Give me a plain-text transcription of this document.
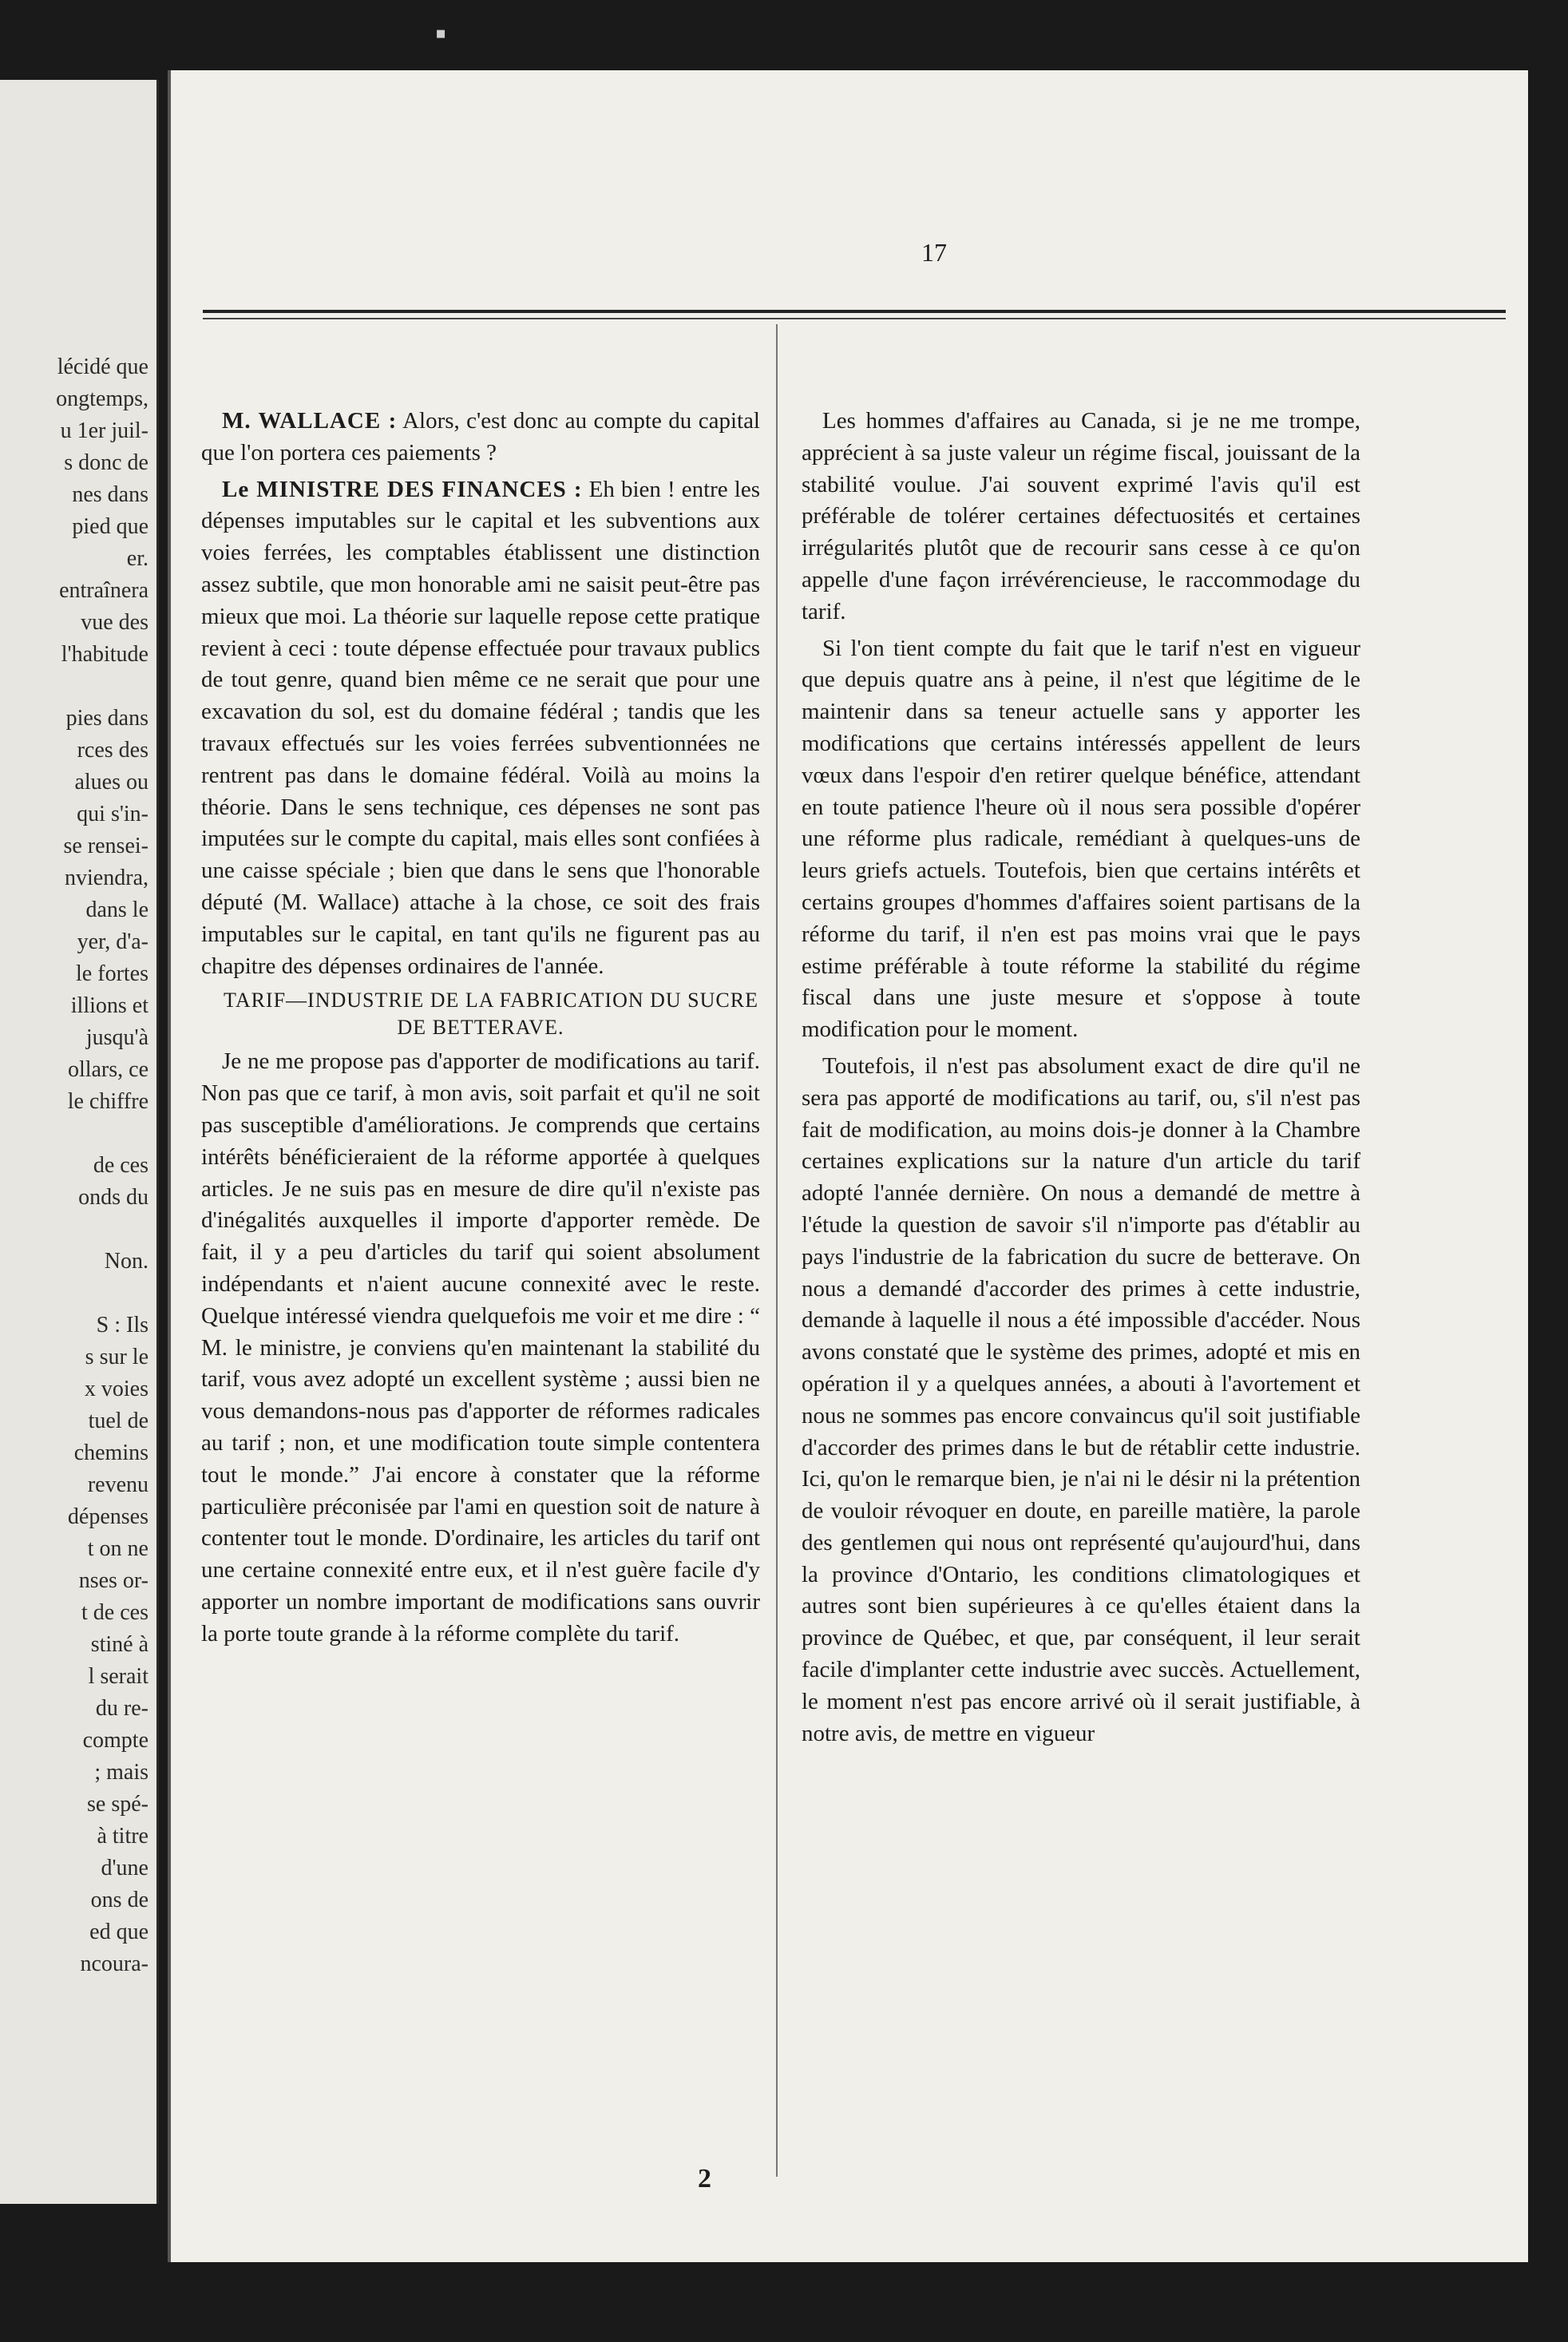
lécidé que
ongtemps,
u 1er juil-
s donc de
nes dans
pied que
er.
entraînera
vue des
l'habitude
pies dans
rces des
alues ou
qui s'in-
se rensei-
nviendra,
dans le
yer, d'a-
le fortes
illions et
jusqu'à
ollars, ce
le chiffre
de ces
onds du
Non.
S : Ils
s sur le
x voies
tuel de
chemins
revenu
dépenses
t on ne
nses or-
t de ces
stiné à
l serait
du re-
compte
; mais
se spé-
à titre
d'une
ons de
ed que
ncoura-
▪
17

M. WALLACE : Alors, c'est donc au compte du capital que l'on portera ces paiements ?

Le MINISTRE DES FINANCES : Eh bien ! entre les dépenses imputables sur le capital et les subventions aux voies ferrées, les comptables établissent une distinction assez subtile, que mon honorable ami ne saisit peut-être pas mieux que moi. La théorie sur laquelle repose cette pratique revient à ceci : toute dépense effectuée pour travaux publics de tout genre, quand bien même ce ne serait que pour une excavation du sol, est du domaine fédéral ; tandis que les travaux effectués sur les voies ferrées subventionnées ne rentrent pas dans le domaine fédéral. Voilà au moins la théorie. Dans le sens technique, ces dépenses ne sont pas imputées sur le compte du capital, mais elles sont confiées à une caisse spéciale ; bien que dans le sens que l'honorable député (M. Wallace) attache à la chose, ce soit des frais imputables sur le capital, en tant qu'ils ne figurent pas au chapitre des dépenses ordinaires de l'année.

TARIF—INDUSTRIE DE LA FABRICATION DU SUCRE DE BETTERAVE.

Je ne me propose pas d'apporter de modifications au tarif. Non pas que ce tarif, à mon avis, soit parfait et qu'il ne soit pas susceptible d'améliorations. Je comprends que certains intérêts bénéficieraient de la réforme apportée à quelques articles. Je ne suis pas en mesure de dire qu'il n'existe pas d'inégalités auxquelles il importe d'apporter remède. De fait, il y a peu d'articles du tarif qui soient absolument indépendants et n'aient aucune connexité avec le reste. Quelque intéressé viendra quelquefois me voir et me dire : “ M. le ministre, je conviens qu'en maintenant la stabilité du tarif, vous avez adopté un excellent système ; aussi bien ne vous demandons-nous pas d'apporter de réformes radicales au tarif ; non, et une modification toute simple contentera tout le monde.” J'ai encore à constater que la réforme particulière préconisée par l'ami en question soit de nature à contenter tout le monde. D'ordinaire, les articles du tarif ont une certaine connexité entre eux, et il n'est guère facile d'y apporter un nombre important de modifications sans ouvrir la porte toute grande à la réforme complète du tarif.

Les hommes d'affaires au Canada, si je ne me trompe, apprécient à sa juste valeur un régime fiscal, jouissant de la stabilité voulue. J'ai souvent exprimé l'avis qu'il est préférable de tolérer certaines défectuosités et certaines irrégularités plutôt que de recourir sans cesse à ce qu'on appelle d'une façon irrévérencieuse, le raccommodage du tarif.

Si l'on tient compte du fait que le tarif n'est en vigueur que depuis quatre ans à peine, il n'est que légitime de le maintenir dans sa teneur actuelle sans y apporter les modifications que certains intéressés appellent de leurs vœux dans l'espoir d'en retirer quelque bénéfice, attendant en toute patience l'heure où il nous sera possible d'opérer une réforme plus radicale, remédiant à quelques-uns de leurs griefs actuels. Toutefois, bien que certains intérêts et certains groupes d'hommes d'affaires soient partisans de la réforme du tarif, il n'en est pas moins vrai que le pays estime préférable à toute réforme la stabilité du régime fiscal dans une juste mesure et s'oppose à toute modification pour le moment.

Toutefois, il n'est pas absolument exact de dire qu'il ne sera pas apporté de modifications au tarif, ou, s'il n'est pas fait de modification, au moins dois-je donner à la Chambre certaines explications sur la nature d'un article du tarif adopté l'année dernière. On nous a demandé de mettre à l'étude la question de savoir s'il n'importe pas d'établir au pays l'industrie de la fabrication du sucre de betterave. On nous a demandé d'accorder des primes à cette industrie, demande à laquelle il nous a été impossible d'accéder. Nous avons constaté que le système des primes, adopté et mis en opération il y a quelques années, a abouti à l'avortement et nous ne sommes pas encore convaincus qu'il soit justifiable d'accorder des primes dans le but de rétablir cette industrie. Ici, qu'on le remarque bien, je n'ai ni le désir ni la prétention de vouloir révoquer en doute, en pareille matière, la parole des gentlemen qui nous ont représenté qu'aujourd'hui, dans la province d'Ontario, les conditions climatologiques et autres sont bien supérieures à ce qu'elles étaient dans la province de Québec, et que, par conséquent, il leur serait facile d'implanter cette industrie avec succès. Actuellement, le moment n'est pas encore arrivé où il serait justifiable, à notre avis, de mettre en vigueur

2
